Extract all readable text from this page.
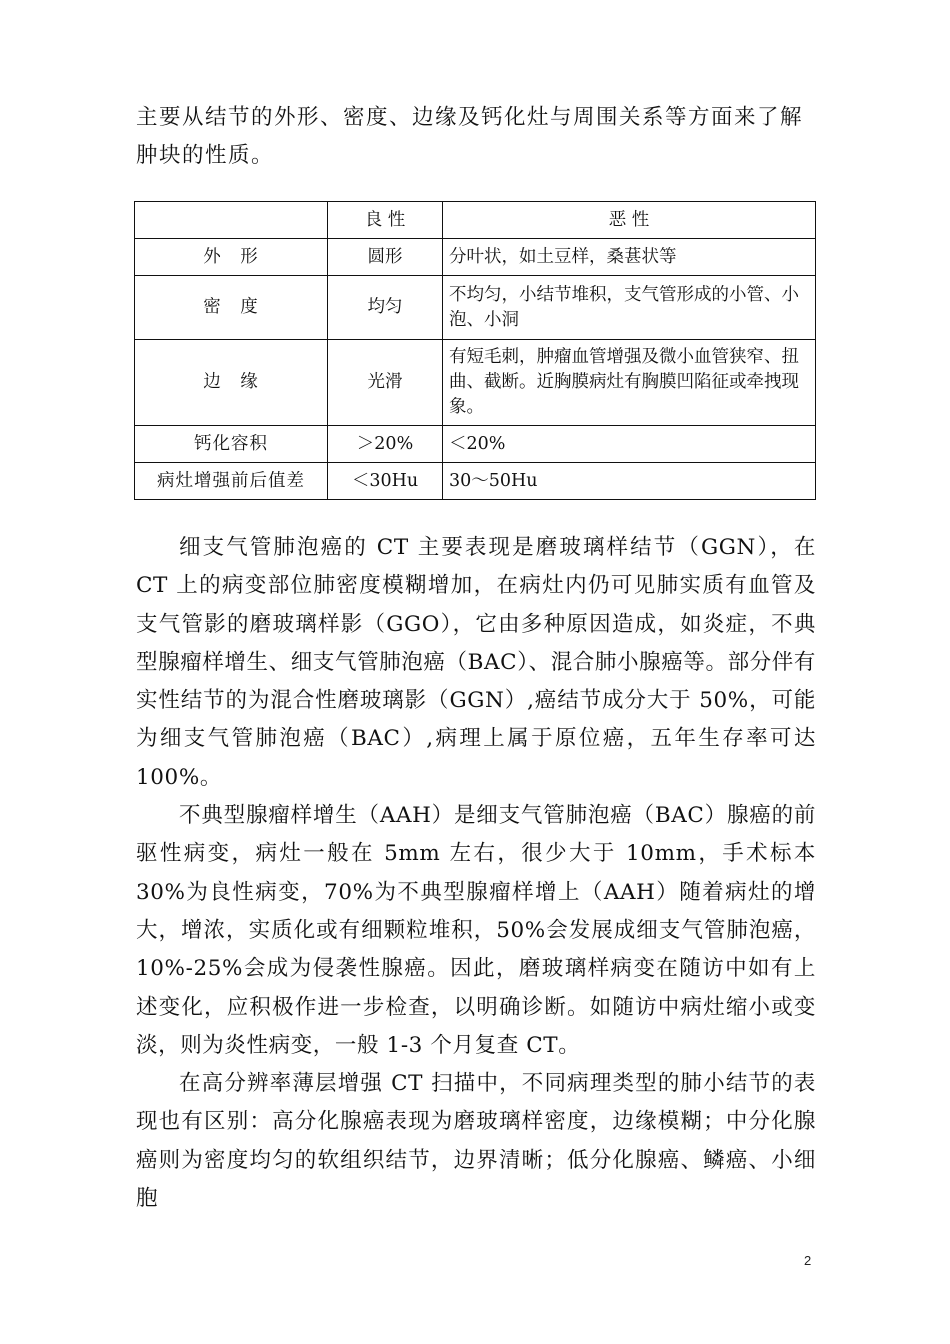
主要从结节的外形、密度、边缘及钙化灶与周围关系等方面来了解肿块的性质。

	良 性	恶 性
外　形	圆形	分叶状，如土豆样，桑葚状等
密　度	均匀	不均匀，小结节堆积，支气管形成的小管、小泡、小洞
边　缘	光滑	有短毛刺，肿瘤血管增强及微小血管狭窄、扭曲、截断。近胸膜病灶有胸膜凹陷征或牵拽现象。
钙化容积	＞20%	＜20%
病灶增强前后值差	＜30Hu	30～50Hu

细支气管肺泡癌的 CT 主要表现是磨玻璃样结节（GGN），在 CT 上的病变部位肺密度模糊增加，在病灶内仍可见肺实质有血管及支气管影的磨玻璃样影（GGO），它由多种原因造成，如炎症，不典型腺瘤样增生、细支气管肺泡癌（BAC）、混合肺小腺癌等。部分伴有实性结节的为混合性磨玻璃影（GGN）,癌结节成分大于 50%，可能为细支气管肺泡癌（BAC）,病理上属于原位癌，五年生存率可达 100%。

不典型腺瘤样增生（AAH）是细支气管肺泡癌（BAC）腺癌的前驱性病变，病灶一般在 5mm 左右，很少大于 10mm，手术标本 30%为良性病变，70%为不典型腺瘤样增上（AAH）随着病灶的增大，增浓，实质化或有细颗粒堆积，50%会发展成细支气管肺泡癌，10%-25%会成为侵袭性腺癌。因此，磨玻璃样病变在随访中如有上述变化，应积极作进一步检查，以明确诊断。如随访中病灶缩小或变淡，则为炎性病变，一般 1-3 个月复查 CT。

在高分辨率薄层增强 CT 扫描中，不同病理类型的肺小结节的表现也有区别：高分化腺癌表现为磨玻璃样密度，边缘模糊；中分化腺癌则为密度均匀的软组织结节，边界清晰；低分化腺癌、鳞癌、小细胞

2
